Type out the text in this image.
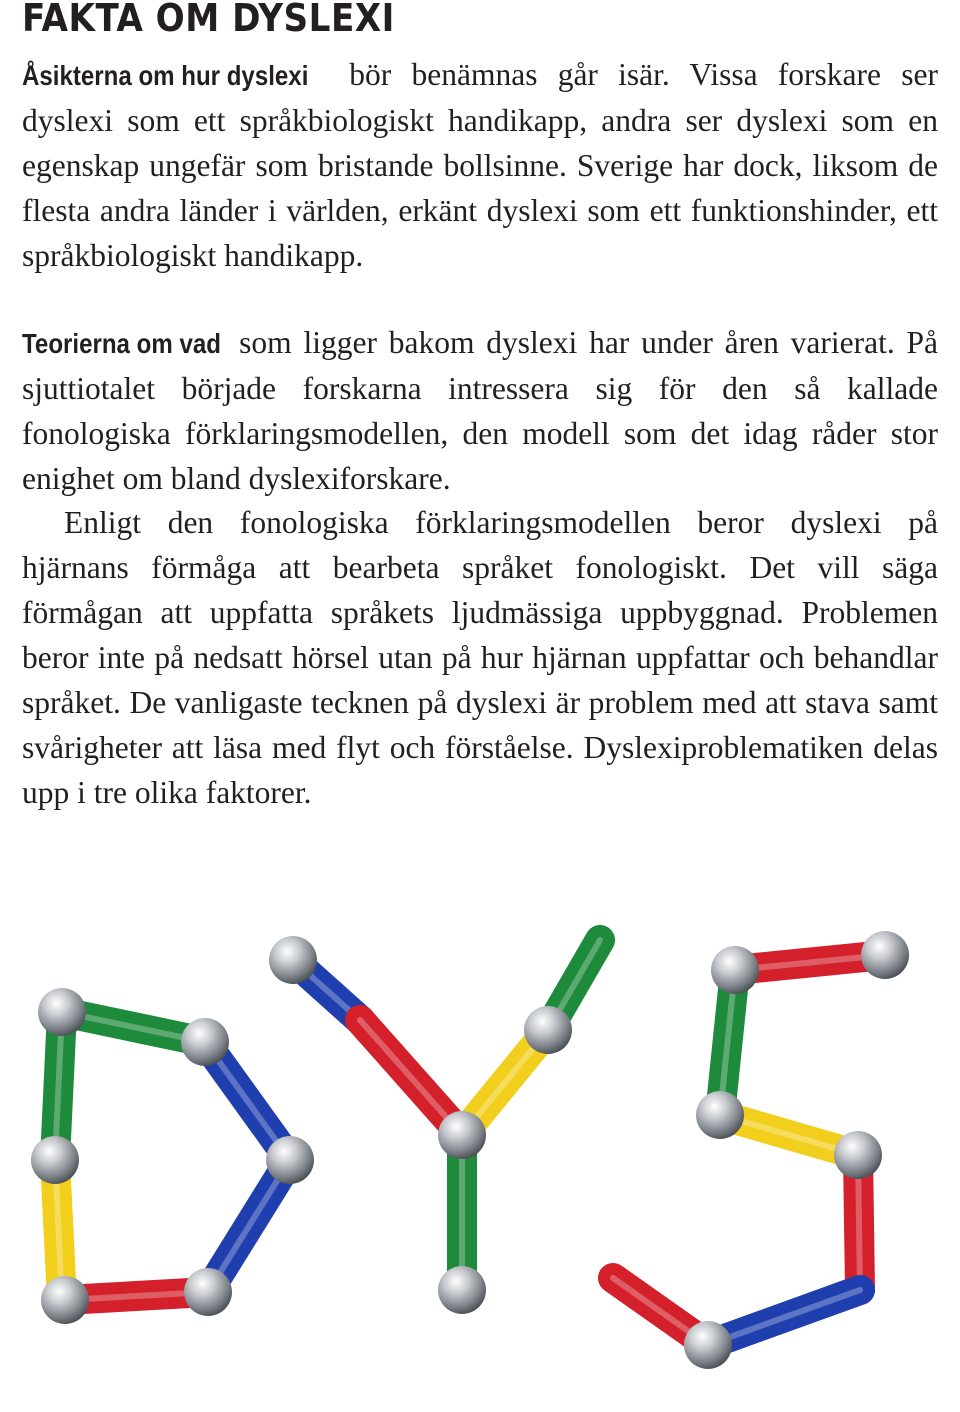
FAKTA OM DYSLEXI

Åsikterna om hur dyslexi bör benämnas går isär. Vissa forskare ser dyslexi som ett språkbiologiskt handikapp, andra ser dyslexi som en egenskap ungefär som bristande bollsinne. Sverige har dock, liksom de flesta andra länder i världen, erkänt dyslexi som ett funktionshinder, ett språkbiologiskt handikapp.

Teorierna om vad som ligger bakom dyslexi har under åren varierat. På sjuttiotalet började forskarna intressera sig för den så kallade fonologiska förklaringsmodellen, den modell som det idag råder stor enighet om bland dyslexiforskare.

Enligt den fonologiska förklaringsmodellen beror dyslexi på hjärnans förmåga att bearbeta språket fonologiskt. Det vill säga förmågan att uppfatta språkets ljudmässiga uppbyggnad. Problemen beror inte på nedsatt hörsel utan på hur hjärnan uppfattar och behandlar språket. De vanligaste tecknen på dyslexi är problem med att stava samt svårigheter att läsa med flyt och förståelse. Dyslexiproblematiken delas upp i tre olika faktorer.
